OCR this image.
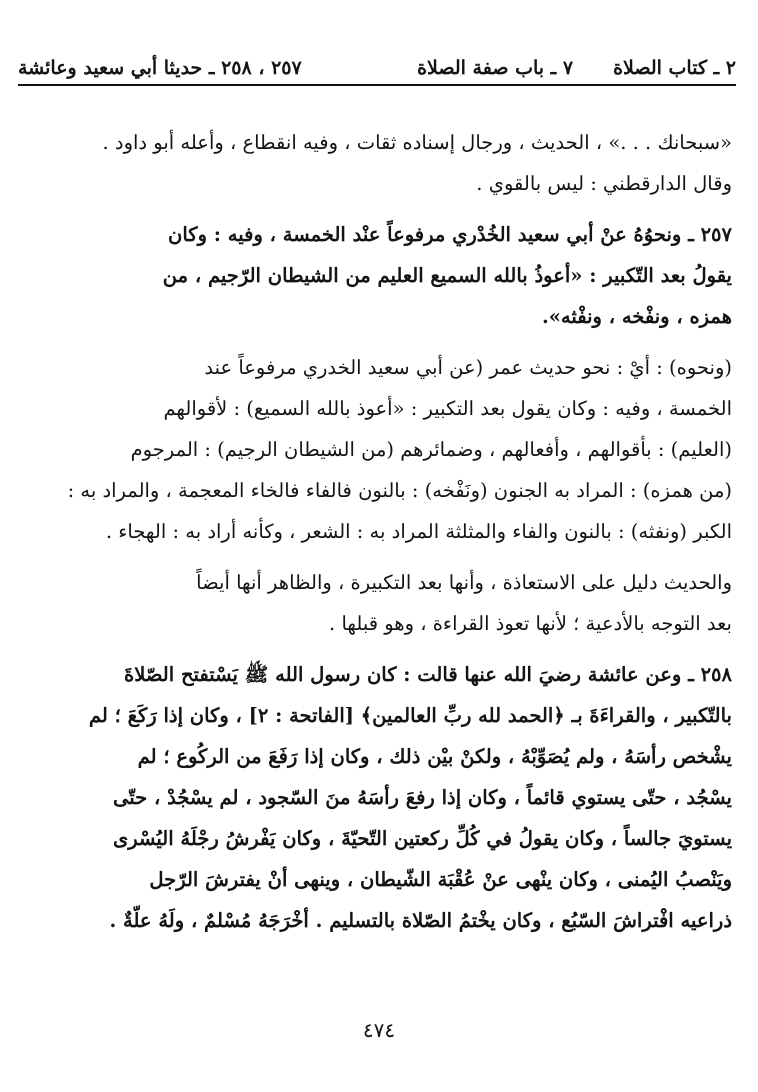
٢ ـ كتاب الصلاة
٧ ـ باب صفة الصلاة
٢٥٧ ، ٢٥٨ ـ حديثا أبي سعيد وعائشة
«سبحانك . . .» ، الحديث ، ورجال إسناده ثقات ، وفيه انقطاع ، وأعله أبو داود .
وقال الدارقطني : ليس بالقوي .
٢٥٧ ـ ونحوُهُ عنْ أبي سعيد الخُدْري مرفوعاً عنْد الخمسة ، وفيه : وكان
يقولُ بعد التّكبير : «أعوذُ بالله السميع العليم من الشيطان الرّجيم ، من
همزه ، ونفْخه ، ونفْثه».
(ونحوه) : أيْ : نحو حديث عمر (عن أبي سعيد الخدري مرفوعاً عند
الخمسة ، وفيه : وكان يقول بعد التكبير : «أعوذ بالله السميع) : لأقوالهم
(العليم) : بأقوالهم ، وأفعالهم ، وضمائرهم (من الشيطان الرجيم) : المرجوم
(من همزه) : المراد به الجنون (ونَفْخه) : بالنون فالفاء فالخاء المعجمة ، والمراد به :
الكبر (ونفثه) : بالنون والفاء والمثلثة المراد به : الشعر ، وكأنه أراد به : الهجاء .
والحديث دليل على الاستعاذة ، وأنها بعد التكبيرة ، والظاهر أنها أيضاً
بعد التوجه بالأدعية ؛ لأنها تعوذ القراءة ، وهو قبلها .
٢٥٨ ـ وعن عائشة رضيَ الله عنها قالت : كان رسول الله ﷺ يَسْتفتح الصّلاةَ
بالتّكبير ، والقراءَةَ بـ ﴿الحمد لله ربِّ العالمين﴾ [الفاتحة : ٢] ، وكان إذا رَكَعَ ؛ لم
يشْخص رأسَهُ ، ولم يُصَوِّبْهُ ، ولكنْ بيْن ذلك ، وكان إذا رَفَعَ من الركُوع ؛ لم
يسْجُد ، حتّى يستوي قائماً ، وكان إذا رفعَ رأسَهُ منَ السّجود ، لم يسْجُدْ ، حتّى
يستويَ جالساً ، وكان يقولُ في كُلِّ ركعتين التّحيّةَ ، وكان يَفْرشُ رجْلَهُ اليُسْرى
ويَنْصبُ اليُمنى ، وكان ينْهى عنْ عُقْبَة الشّيطان ، وينهى أنْ يفترشَ الرّجل
ذراعيه افْتراشَ السّبُع ، وكان يخْتمُ الصّلاة بالتسليم . أخْرَجَهُ مُسْلمٌ ، ولَهُ علّةٌ .
٤٧٤
